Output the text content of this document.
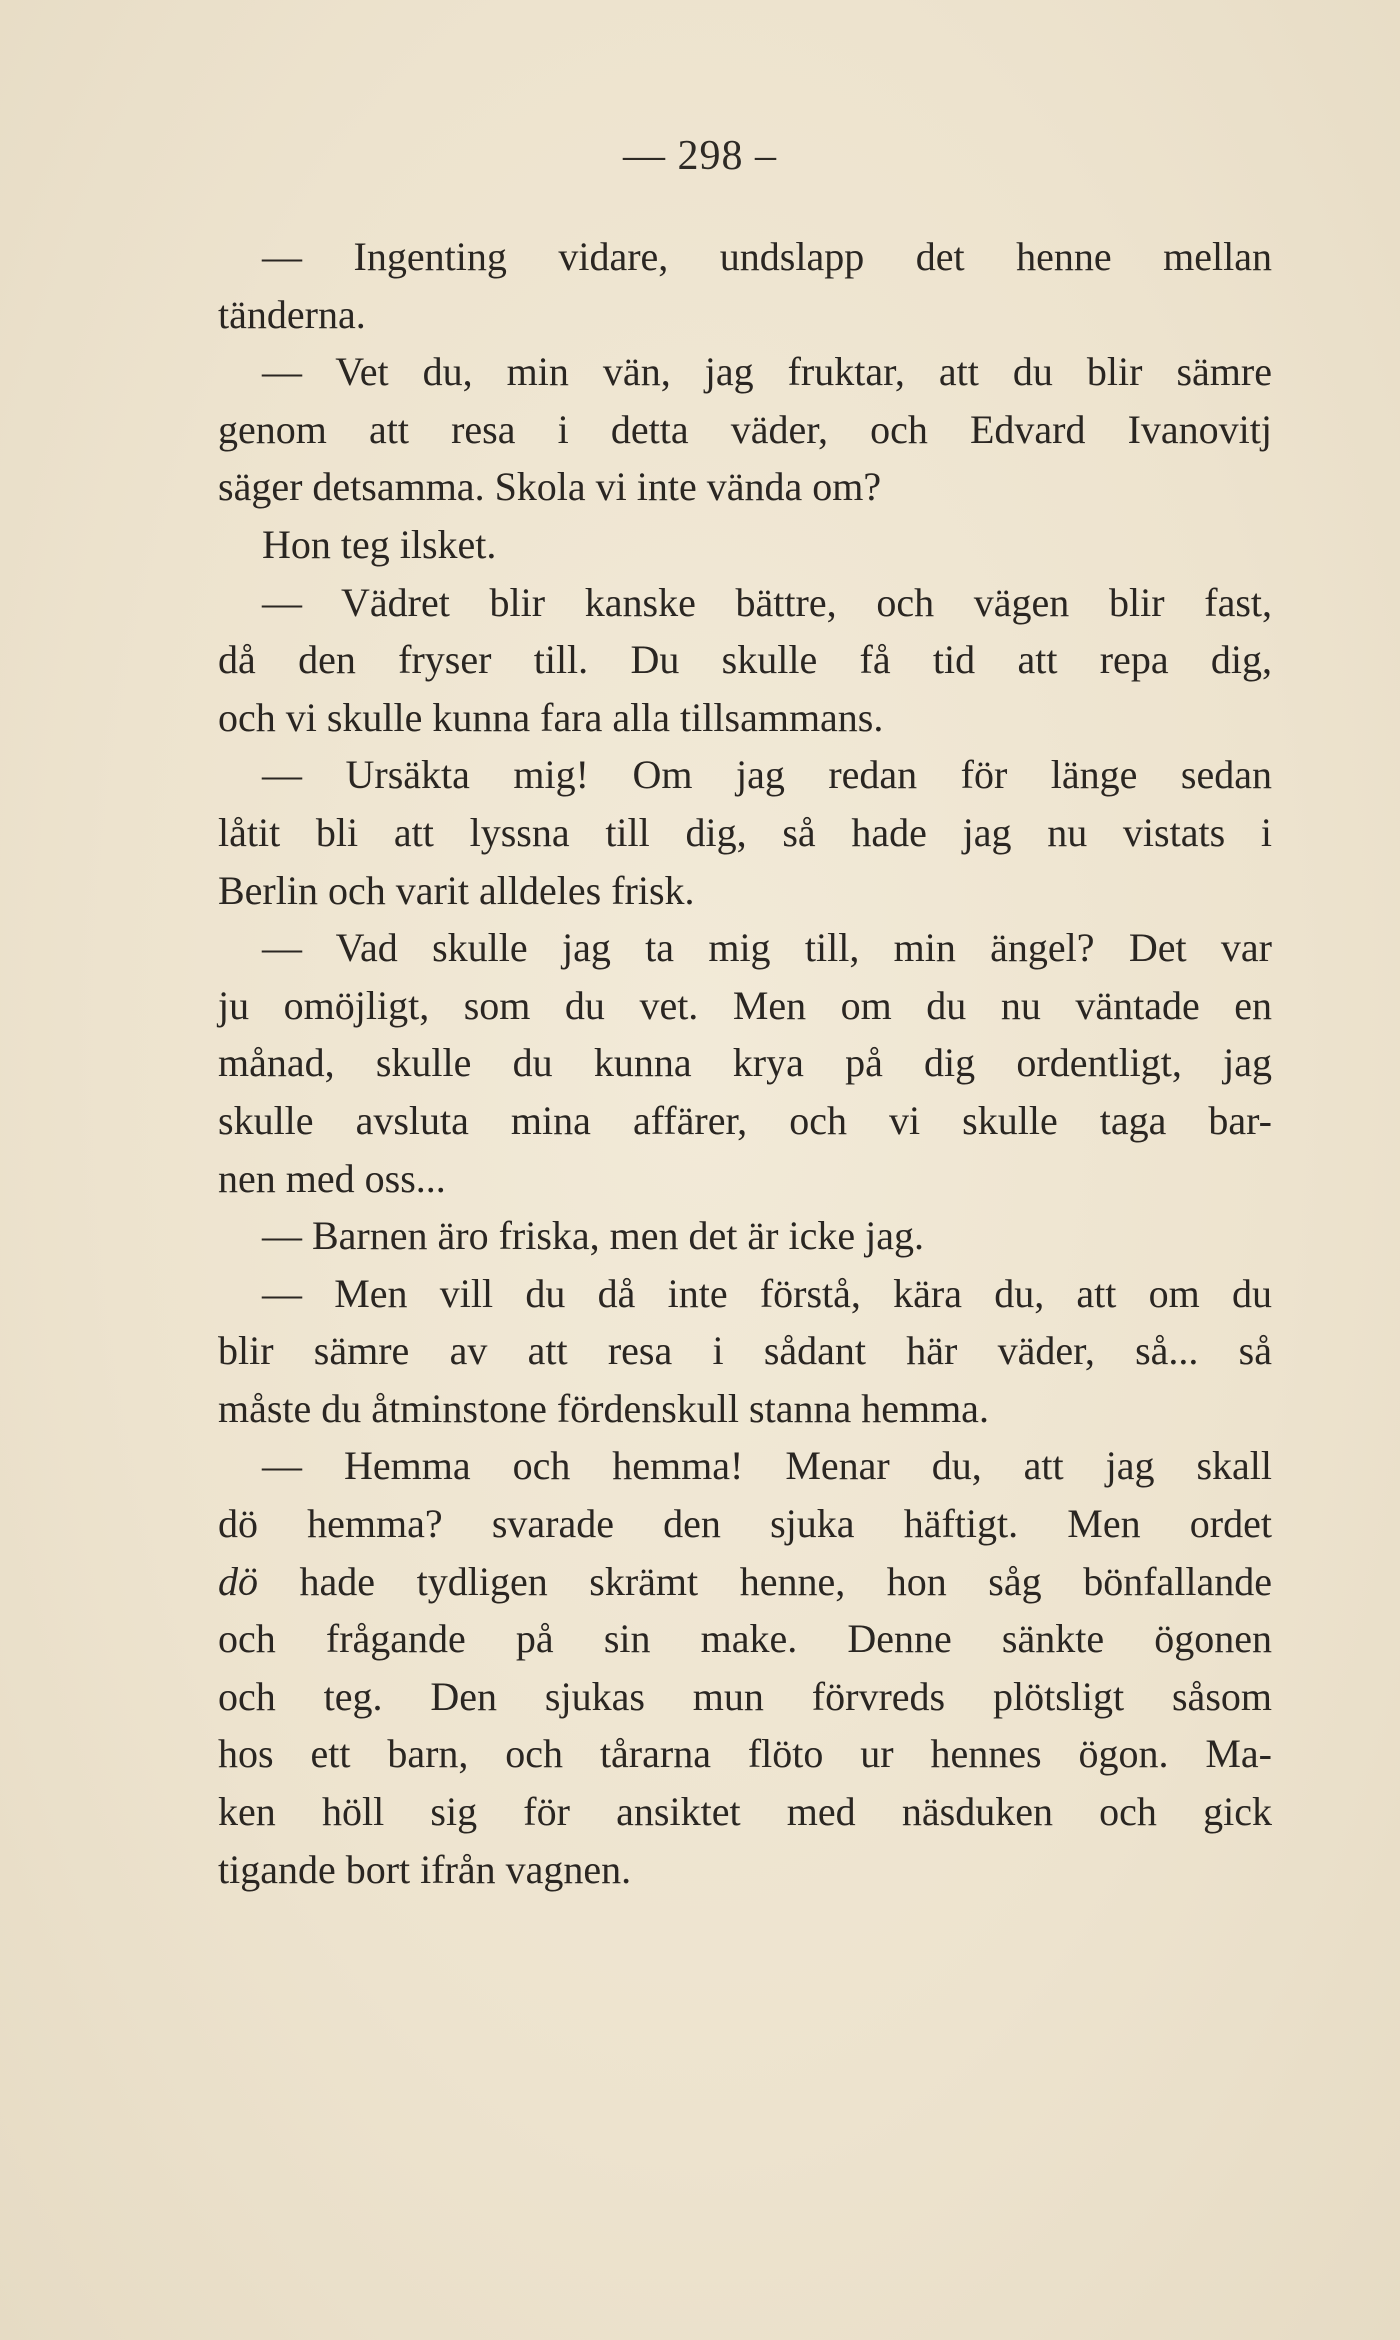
— 298 –
— Ingenting vidare, undslapp det henne mellan
tänderna.
— Vet du, min vän, jag fruktar, att du blir sämre
genom att resa i detta väder, och Edvard Ivanovitj
säger detsamma. Skola vi inte vända om?
Hon teg ilsket.
— Vädret blir kanske bättre, och vägen blir fast,
då den fryser till. Du skulle få tid att repa dig,
och vi skulle kunna fara alla tillsammans.
— Ursäkta mig! Om jag redan för länge sedan
låtit bli att lyssna till dig, så hade jag nu vistats i
Berlin och varit alldeles frisk.
— Vad skulle jag ta mig till, min ängel? Det var
ju omöjligt, som du vet. Men om du nu väntade en
månad, skulle du kunna krya på dig ordentligt, jag
skulle avsluta mina affärer, och vi skulle taga bar-
nen med oss...
— Barnen äro friska, men det är icke jag.
— Men vill du då inte förstå, kära du, att om du
blir sämre av att resa i sådant här väder, så... så
måste du åtminstone fördenskull stanna hemma.
— Hemma och hemma! Menar du, att jag skall
dö hemma? svarade den sjuka häftigt. Men ordet
dö hade tydligen skrämt henne, hon såg bönfallande
och frågande på sin make. Denne sänkte ögonen
och teg. Den sjukas mun förvreds plötsligt såsom
hos ett barn, och tårarna flöto ur hennes ögon. Ma-
ken höll sig för ansiktet med näsduken och gick
tigande bort ifrån vagnen.
